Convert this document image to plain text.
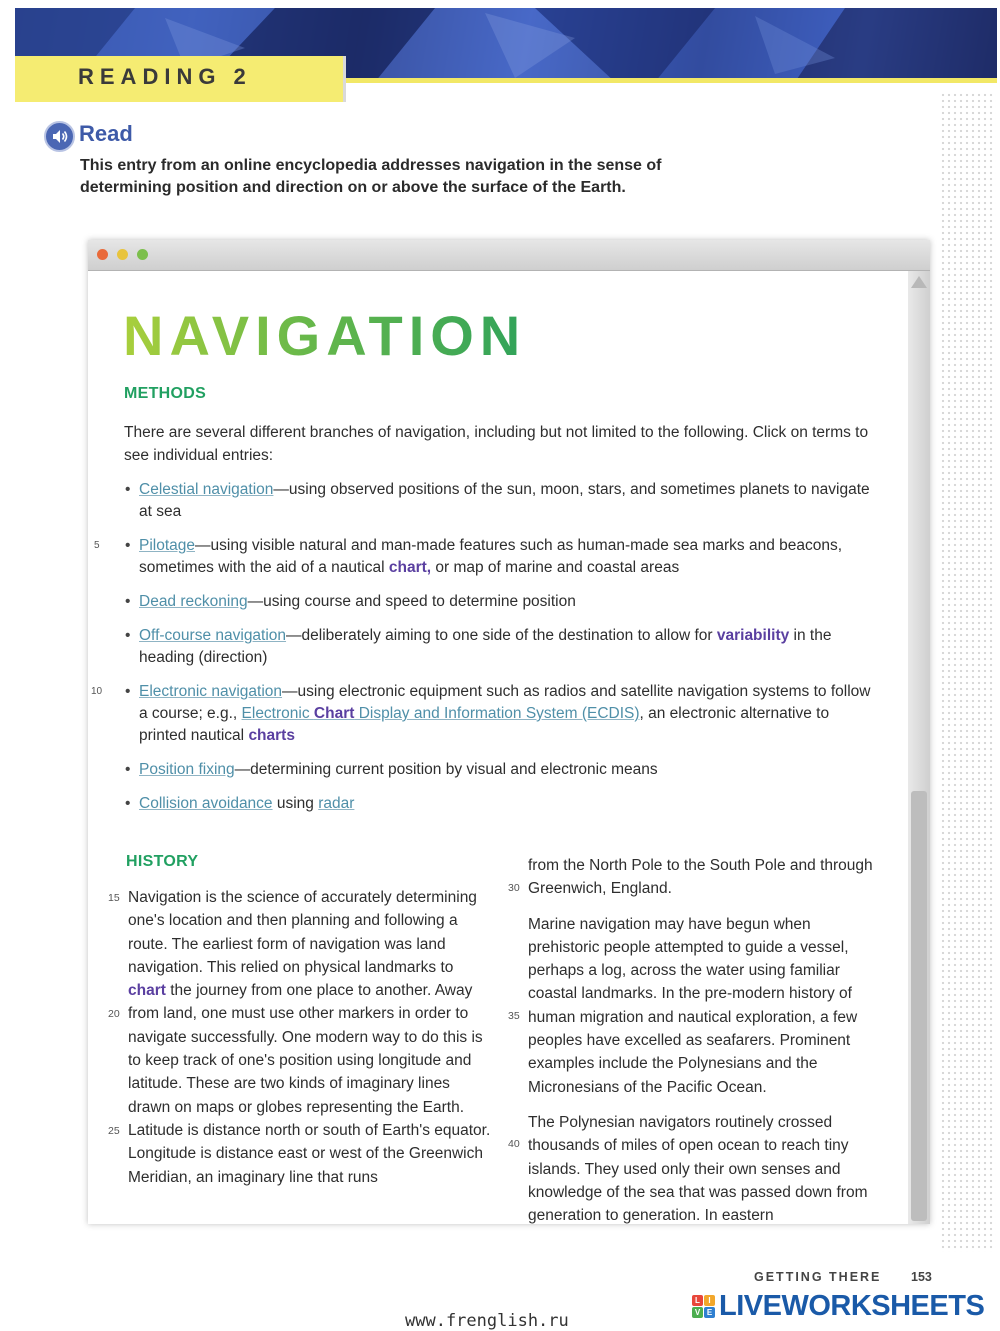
READING 2
Read
This entry from an online encyclopedia addresses navigation in the sense of determining position and direction on or above the surface of the Earth.
NAVIGATION
METHODS
There are several different branches of navigation, including but not limited to the following. Click on terms to see individual entries:
• Celestial navigation—using observed positions of the sun, moon, stars, and sometimes planets to navigate at sea
• 5	Pilotage—using visible natural and man-made features such as human-made sea marks and beacons, sometimes with the aid of a nautical chart, or map of marine and coastal areas
• Dead reckoning—using course and speed to determine position
• Off-course navigation—deliberately aiming to one side of the destination to allow for variability in the heading (direction)
• 10 Electronic navigation—using electronic equipment such as radios and satellite navigation systems to follow a course; e.g., Electronic Chart Display and Information System (ECDIS), an electronic alternative to printed nautical charts
• Position fixing—determining current position by visual and electronic means
• Collision avoidance using radar
HISTORY
Navigation is the science of accurately determining one's location and then planning and following a route. The earliest form of navigation was land navigation. This relied on physical landmarks to chart the journey from one place to another. Away from land, one must use other markers in order to navigate successfully. One modern way to do this is to keep track of one's position using longitude and latitude. These are two kinds of imaginary lines drawn on maps or globes representing the Earth. Latitude is distance north or south of Earth's equator. Longitude is distance east or west of the Greenwich Meridian, an imaginary line that runs

from the North Pole to the South Pole and through Greenwich, England.

Marine navigation may have begun when prehistoric people attempted to guide a vessel, perhaps a log, across the water using familiar coastal landmarks. In the pre-modern history of human migration and nautical exploration, a few peoples have excelled as seafarers. Prominent examples include the Polynesians and the Micronesians of the Pacific Ocean.

The Polynesian navigators routinely crossed thousands of miles of open ocean to reach tiny islands. They used only their own senses and knowledge of the sea that was passed down from generation to generation. In eastern

15
20
25
30
35
40
GETTING THERE 153
www.frenglish.ru
L	I
V E LIVEWORKSHEETS
